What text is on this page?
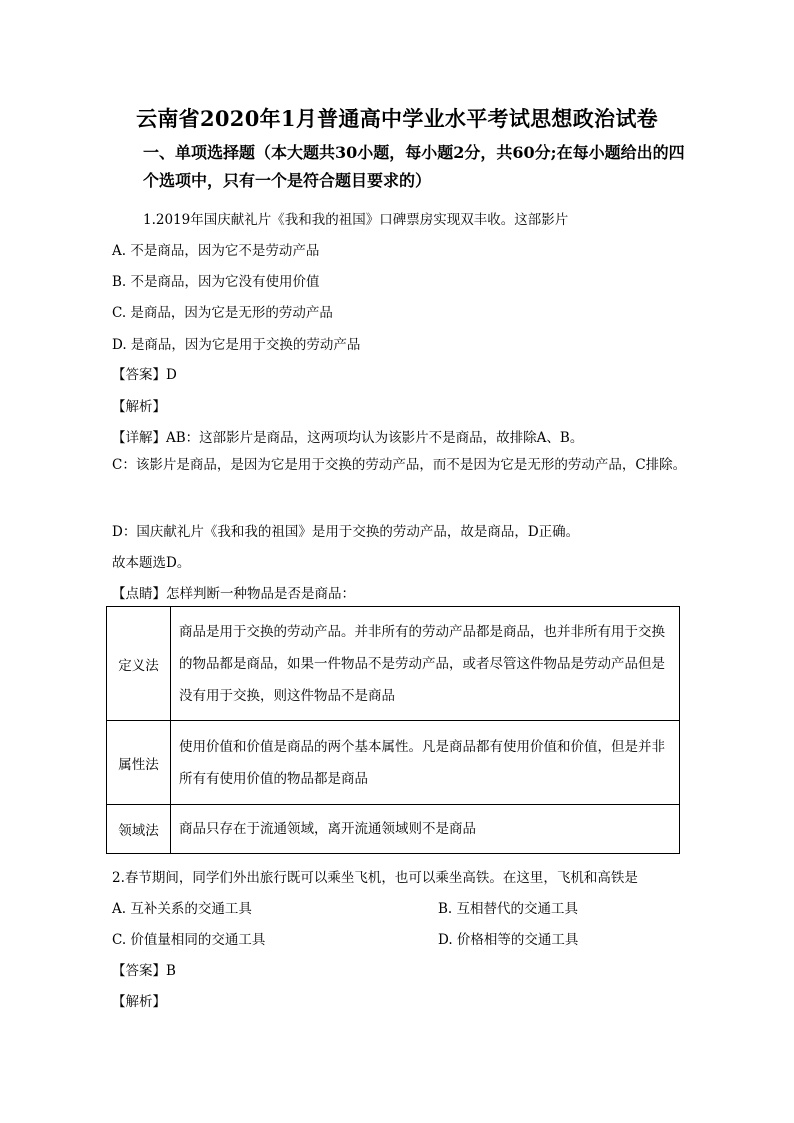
云南省2020年1月普通高中学业水平考试思想政治试卷
一、单项选择题（本大题共30小题，每小题2分，共60分;在每小题给出的四个选项中，只有一个是符合题目要求的）
1.2019年国庆献礼片《我和我的祖国》口碑票房实现双丰收。这部影片
A. 不是商品，因为它不是劳动产品
B. 不是商品，因为它没有使用价值
C. 是商品，因为它是无形的劳动产品
D. 是商品，因为它是用于交换的劳动产品
【答案】D
【解析】
【详解】AB：这部影片是商品，这两项均认为该影片不是商品，故排除A、B。
C：该影片是商品，是因为它是用于交换的劳动产品，而不是因为它是无形的劳动产品，C排除。
D：国庆献礼片《我和我的祖国》是用于交换的劳动产品，故是商品，D正确。
故本题选D。
【点睛】怎样判断一种物品是否是商品：
定义法	商品是用于交换的劳动产品。并非所有的劳动产品都是商品，也并非所有用于交换的物品都是商品，如果一件物品不是劳动产品，或者尽管这件物品是劳动产品但是没有用于交换，则这件物品不是商品
属性法	使用价值和价值是商品的两个基本属性。凡是商品都有使用价值和价值，但是并非所有有使用价值的物品都是商品
领域法	商品只存在于流通领域，离开流通领域则不是商品
2.春节期间，同学们外出旅行既可以乘坐飞机，也可以乘坐高铁。在这里，飞机和高铁是
A. 互补关系的交通工具	B. 互相替代的交通工具
C. 价值量相同的交通工具	D. 价格相等的交通工具
【答案】B
【解析】
